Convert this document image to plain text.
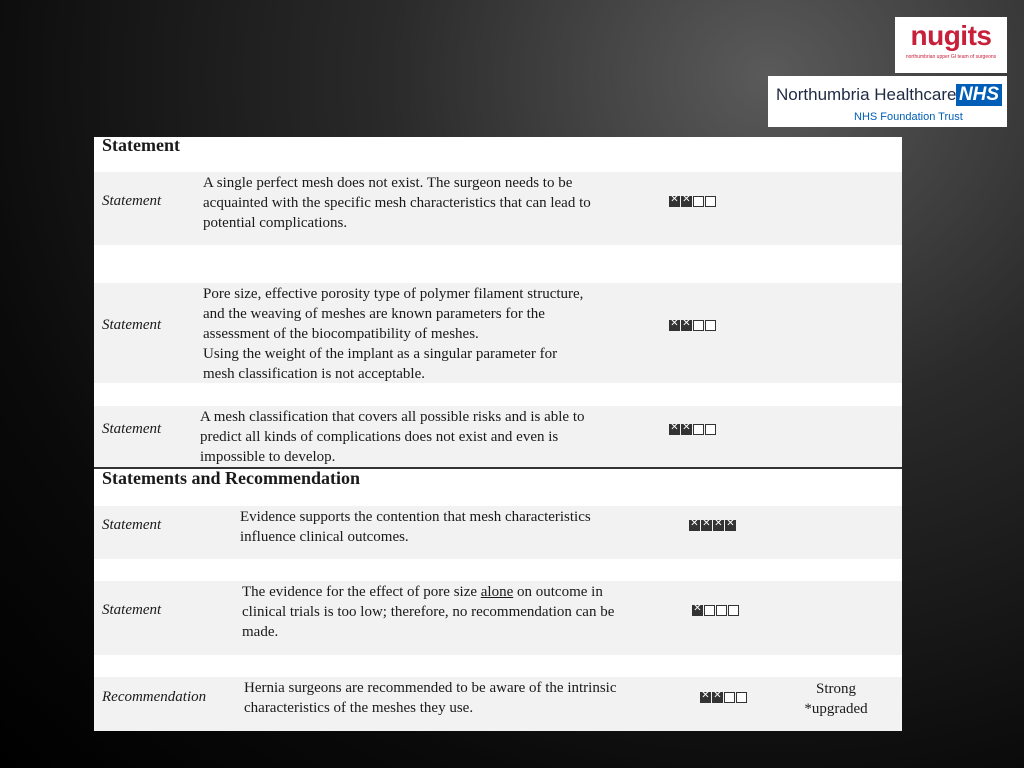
nugits
northumbrian upper GI team of surgeons
Northumbria Healthcare NHS
NHS Foundation Trust
Statement
Statement
A single perfect mesh does not exist. The surgeon needs to be
acquainted with the specific mesh characteristics that can lead to
potential complications.
✕
✕
Statement
Pore size, effective porosity type of polymer filament structure,
and the weaving of meshes are known parameters for the
assessment of the biocompatibility of meshes.
Using the weight of the implant as a singular parameter for
mesh classification is not acceptable.
✕
✕
Statement
A mesh classification that covers all possible risks and is able to
predict all kinds of complications does not exist and even is
impossible to develop.
✕
✕
Statements and Recommendation
Statement	Evidence supports the contention that mesh characteristics
influence clinical outcomes.
✕
✕
✕
✕
Statement
The evidence for the effect of pore size alone on outcome in
clinical trials is too low; therefore, no recommendation can be
made.
✕
Recommendation
Hernia surgeons are recommended to be aware of the intrinsic
characteristics of the meshes they use.
✕
✕
Strong
*upgraded
